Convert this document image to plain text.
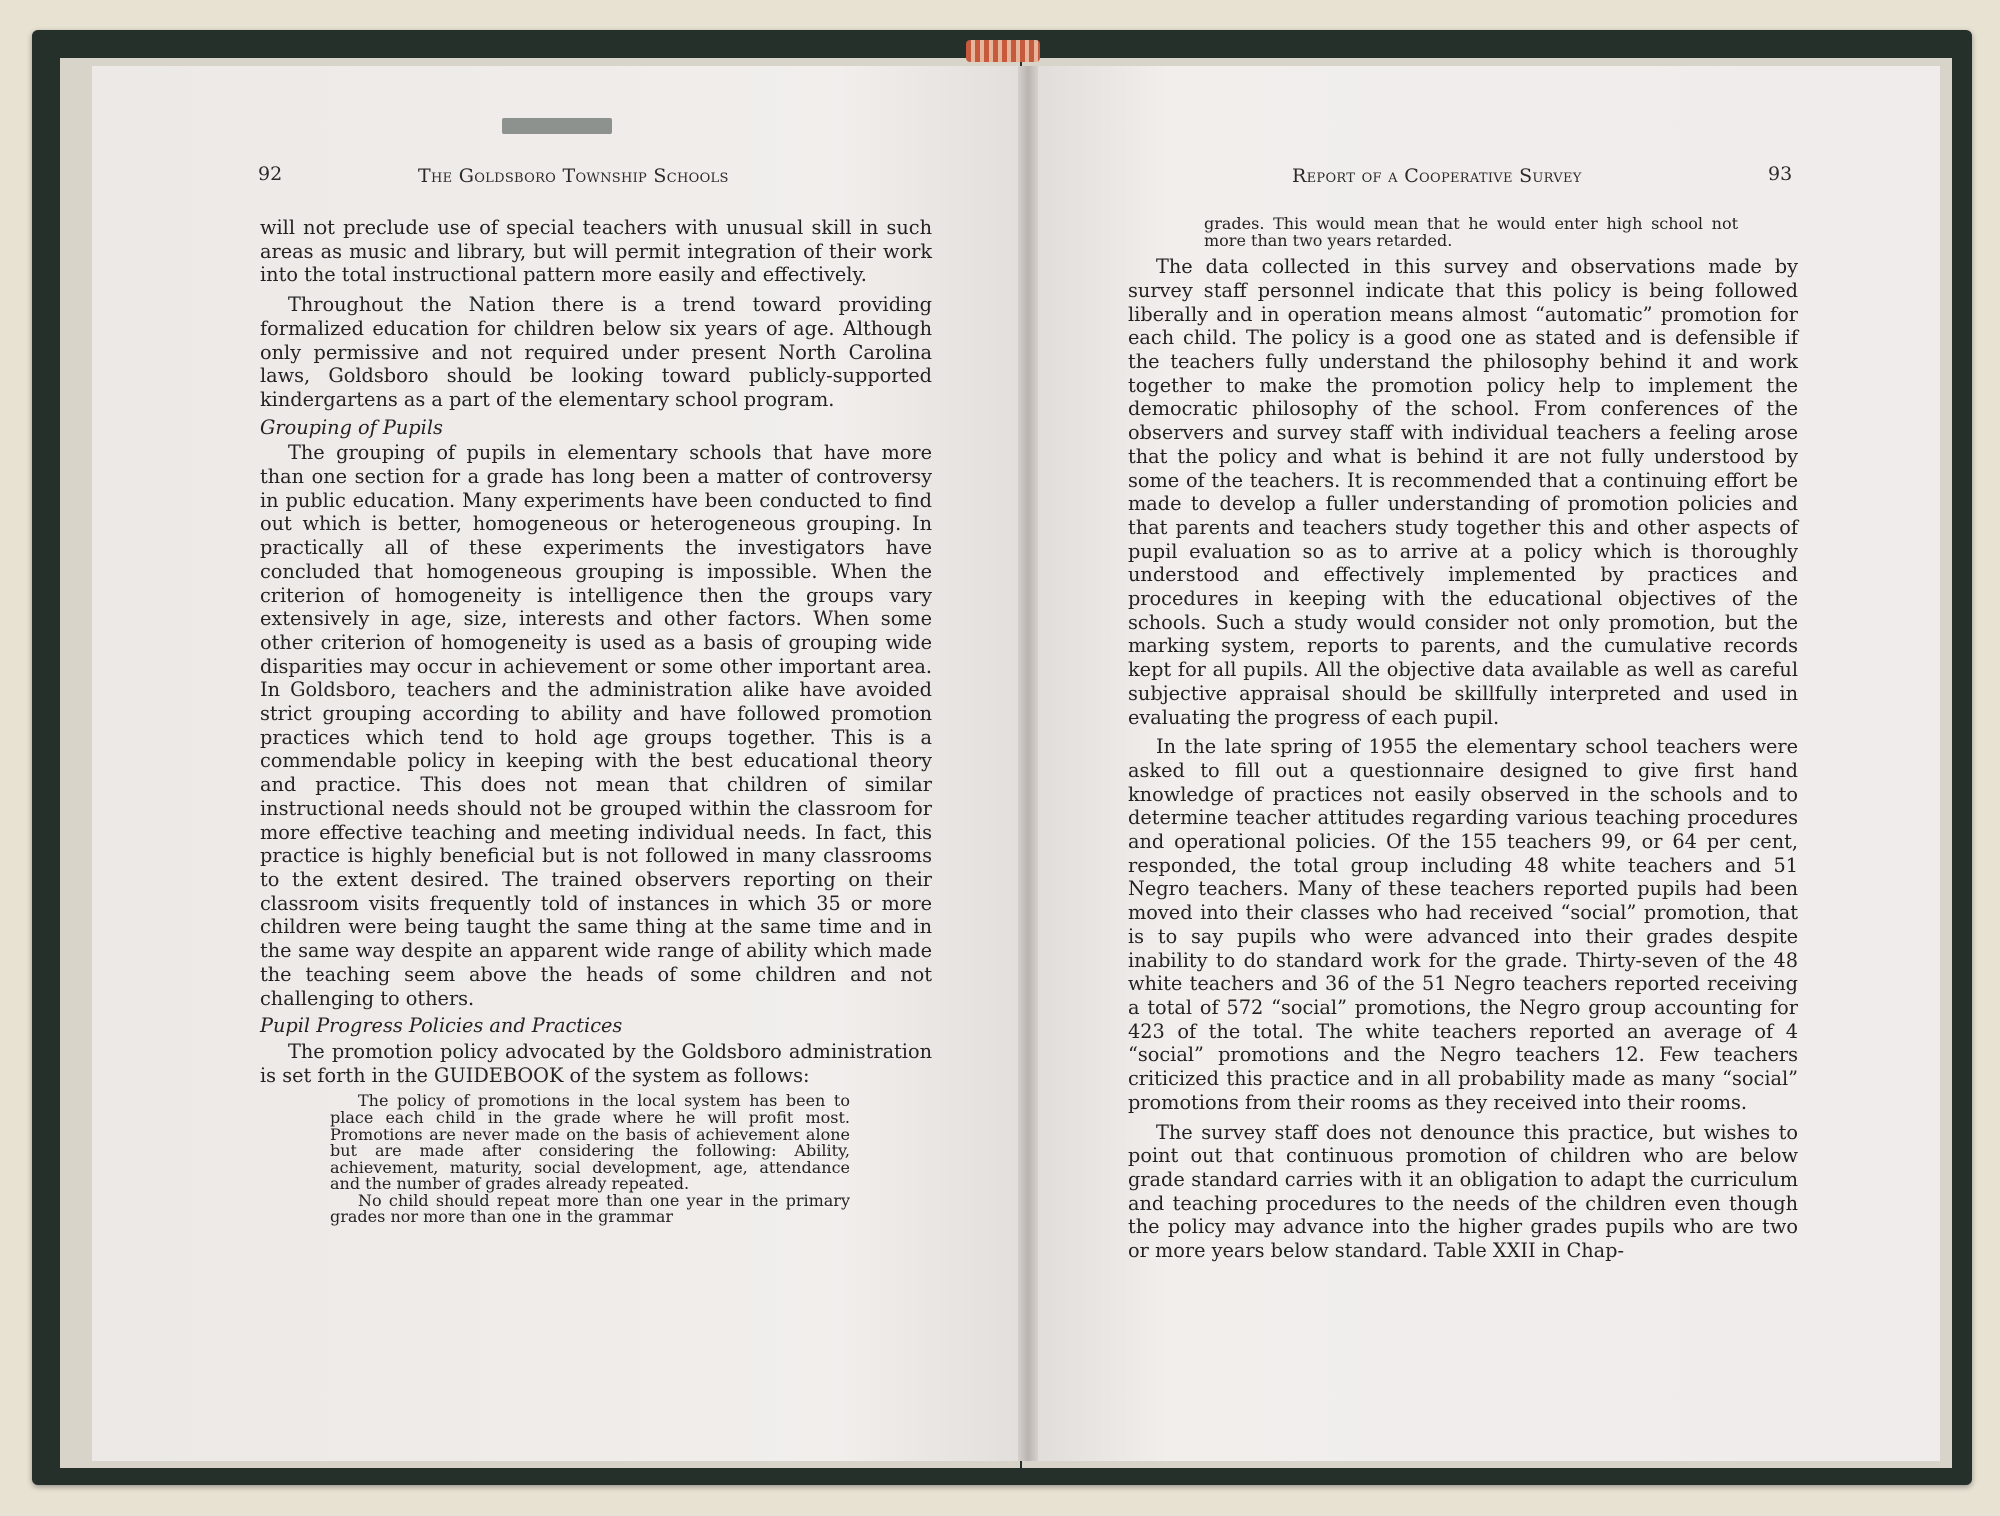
92	The Goldsboro Township Schools	Report of a Cooperative Survey	93

will not preclude use of special teachers with unusual skill in such areas as music and library, but will permit integration of their work into the total instructional pattern more easily and effectively.

Throughout the Nation there is a trend toward providing formalized education for children below six years of age. Although only permissive and not required under present North Carolina laws, Goldsboro should be looking toward publicly-supported kindergartens as a part of the elementary school program.

Grouping of Pupils

The grouping of pupils in elementary schools that have more than one section for a grade has long been a matter of controversy in public education. Many experiments have been conducted to find out which is better, homogeneous or heterogeneous grouping. In practically all of these experiments the investigators have concluded that homogeneous grouping is impossible. When the criterion of homogeneity is intelligence then the groups vary extensively in age, size, interests and other factors. When some other criterion of homogeneity is used as a basis of grouping wide disparities may occur in achievement or some other important area. In Goldsboro, teachers and the administration alike have avoided strict grouping according to ability and have followed promotion practices which tend to hold age groups together. This is a commendable policy in keeping with the best educational theory and practice. This does not mean that children of similar instructional needs should not be grouped within the classroom for more effective teaching and meeting individual needs. In fact, this practice is highly beneficial but is not followed in many classrooms to the extent desired. The trained observers reporting on their classroom visits frequently told of instances in which 35 or more children were being taught the same thing at the same time and in the same way despite an apparent wide range of ability which made the teaching seem above the heads of some children and not challenging to others.

Pupil Progress Policies and Practices

The promotion policy advocated by the Goldsboro administration is set forth in the GUIDEBOOK of the system as follows:

The policy of promotions in the local system has been to place each child in the grade where he will profit most. Promotions are never made on the basis of achievement alone but are made after considering the following: Ability, achievement, maturity, social development, age, attendance and the number of grades already repeated.

No child should repeat more than one year in the primary grades nor more than one in the grammar

grades. This would mean that he would enter high school not more than two years retarded.

The data collected in this survey and observations made by survey staff personnel indicate that this policy is being followed liberally and in operation means almost “automatic” promotion for each child. The policy is a good one as stated and is defensible if the teachers fully understand the philosophy behind it and work together to make the promotion policy help to implement the democratic philosophy of the school. From conferences of the observers and survey staff with individual teachers a feeling arose that the policy and what is behind it are not fully understood by some of the teachers. It is recommended that a continuing effort be made to develop a fuller understanding of promotion policies and that parents and teachers study together this and other aspects of pupil evaluation so as to arrive at a policy which is thoroughly understood and effectively implemented by practices and procedures in keeping with the educational objectives of the schools. Such a study would consider not only promotion, but the marking system, reports to parents, and the cumulative records kept for all pupils. All the objective data available as well as careful subjective appraisal should be skillfully interpreted and used in evaluating the progress of each pupil.

In the late spring of 1955 the elementary school teachers were asked to fill out a questionnaire designed to give first hand knowledge of practices not easily observed in the schools and to determine teacher attitudes regarding various teaching procedures and operational policies. Of the 155 teachers 99, or 64 per cent, responded, the total group including 48 white teachers and 51 Negro teachers. Many of these teachers reported pupils had been moved into their classes who had received “social” promotion, that is to say pupils who were advanced into their grades despite inability to do standard work for the grade. Thirty-seven of the 48 white teachers and 36 of the 51 Negro teachers reported receiving a total of 572 “social” promotions, the Negro group accounting for 423 of the total. The white teachers reported an average of 4 “social” promotions and the Negro teachers 12. Few teachers criticized this practice and in all probability made as many “social” promotions from their rooms as they received into their rooms.

The survey staff does not denounce this practice, but wishes to point out that continuous promotion of children who are below grade standard carries with it an obligation to adapt the curriculum and teaching procedures to the needs of the children even though the policy may advance into the higher grades pupils who are two or more years below standard. Table XXII in Chap-
